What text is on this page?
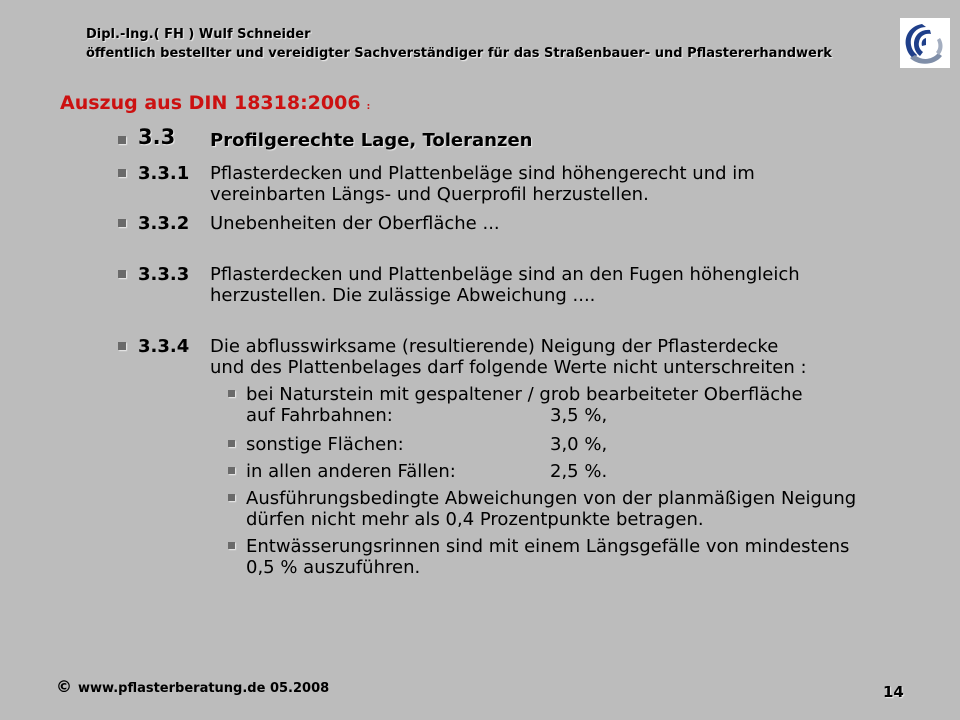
Dipl.-Ing.( FH ) Wulf Schneider
öffentlich bestellter und vereidigter Sachverständiger für das Straßenbauer- und Pflastererhandwerk
Auszug aus DIN 18318:2006 :
3.3 Profilgerechte Lage, Toleranzen
3.3.1 Pflasterdecken und Plattenbeläge sind höhengerecht und im
vereinbarten Längs- und Querprofil herzustellen.
3.3.2 Unebenheiten der Oberfläche ...
3.3.3 Pflasterdecken und Plattenbeläge sind an den Fugen höhengleich
herzustellen. Die zulässige Abweichung ....
3.3.4 Die abflusswirksame (resultierende) Neigung der Pflasterdecke
und des Plattenbelages darf folgende Werte nicht unterschreiten :
bei Naturstein mit gespaltener / grob bearbeiteter Oberfläche
auf Fahrbahnen:	3,5 %,
sonstige Flächen:	3,0 %,
in allen anderen Fällen:	2,5 %.
Ausführungsbedingte Abweichungen von der planmäßigen Neigung
dürfen nicht mehr als 0,4 Prozentpunkte betragen.
Entwässerungsrinnen sind mit einem Längsgefälle von mindestens
0,5 % auszuführen.
© www.pflasterberatung.de 05.2008	14
